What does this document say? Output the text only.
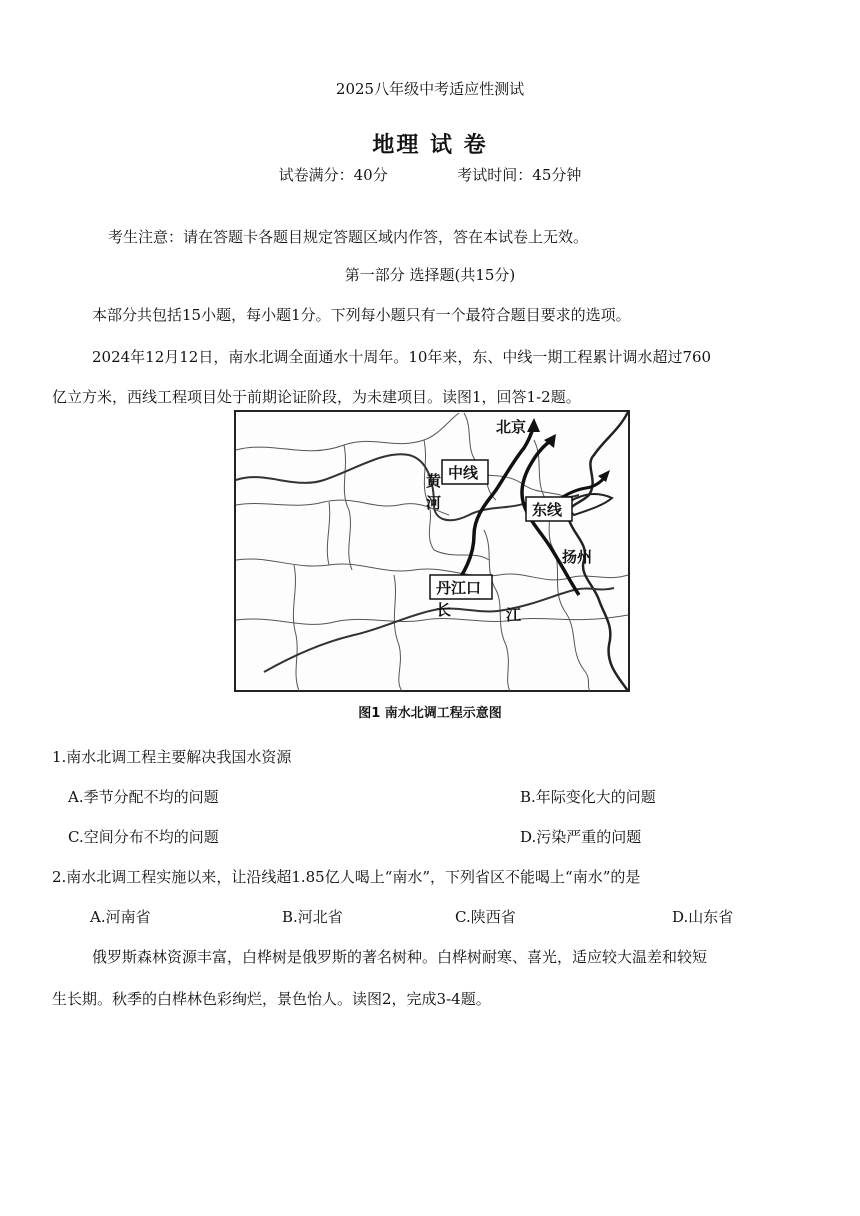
2025八年级中考适应性测试
地理 试 卷
试卷满分：40分	考试时间：45分钟
考生注意：请在答题卡各题目规定答题区域内作答，答在本试卷上无效。
第一部分 选择题(共15分)
本部分共包括15小题，每小题1分。下列每小题只有一个最符合题目要求的选项。
2024年12月12日，南水北调全面通水十周年。10年来，东、中线一期工程累计调水超过760
亿立方米，西线工程项目处于前期论证阶段，为未建项目。读图1，回答1-2题。
北京
中线
东线
黄
河
扬州
丹江口
长	江
图1 南水北调工程示意图
1.南水北调工程主要解决我国水资源
A.季节分配不均的问题	B.年际变化大的问题
C.空间分布不均的问题	D.污染严重的问题
2.南水北调工程实施以来，让沿线超1.85亿人喝上“南水”，下列省区不能喝上“南水”的是
A.河南省	B.河北省	C.陕西省	D.山东省
俄罗斯森林资源丰富，白桦树是俄罗斯的著名树种。白桦树耐寒、喜光，适应较大温差和较短
生长期。秋季的白桦林色彩绚烂，景色怡人。读图2，完成3-4题。
